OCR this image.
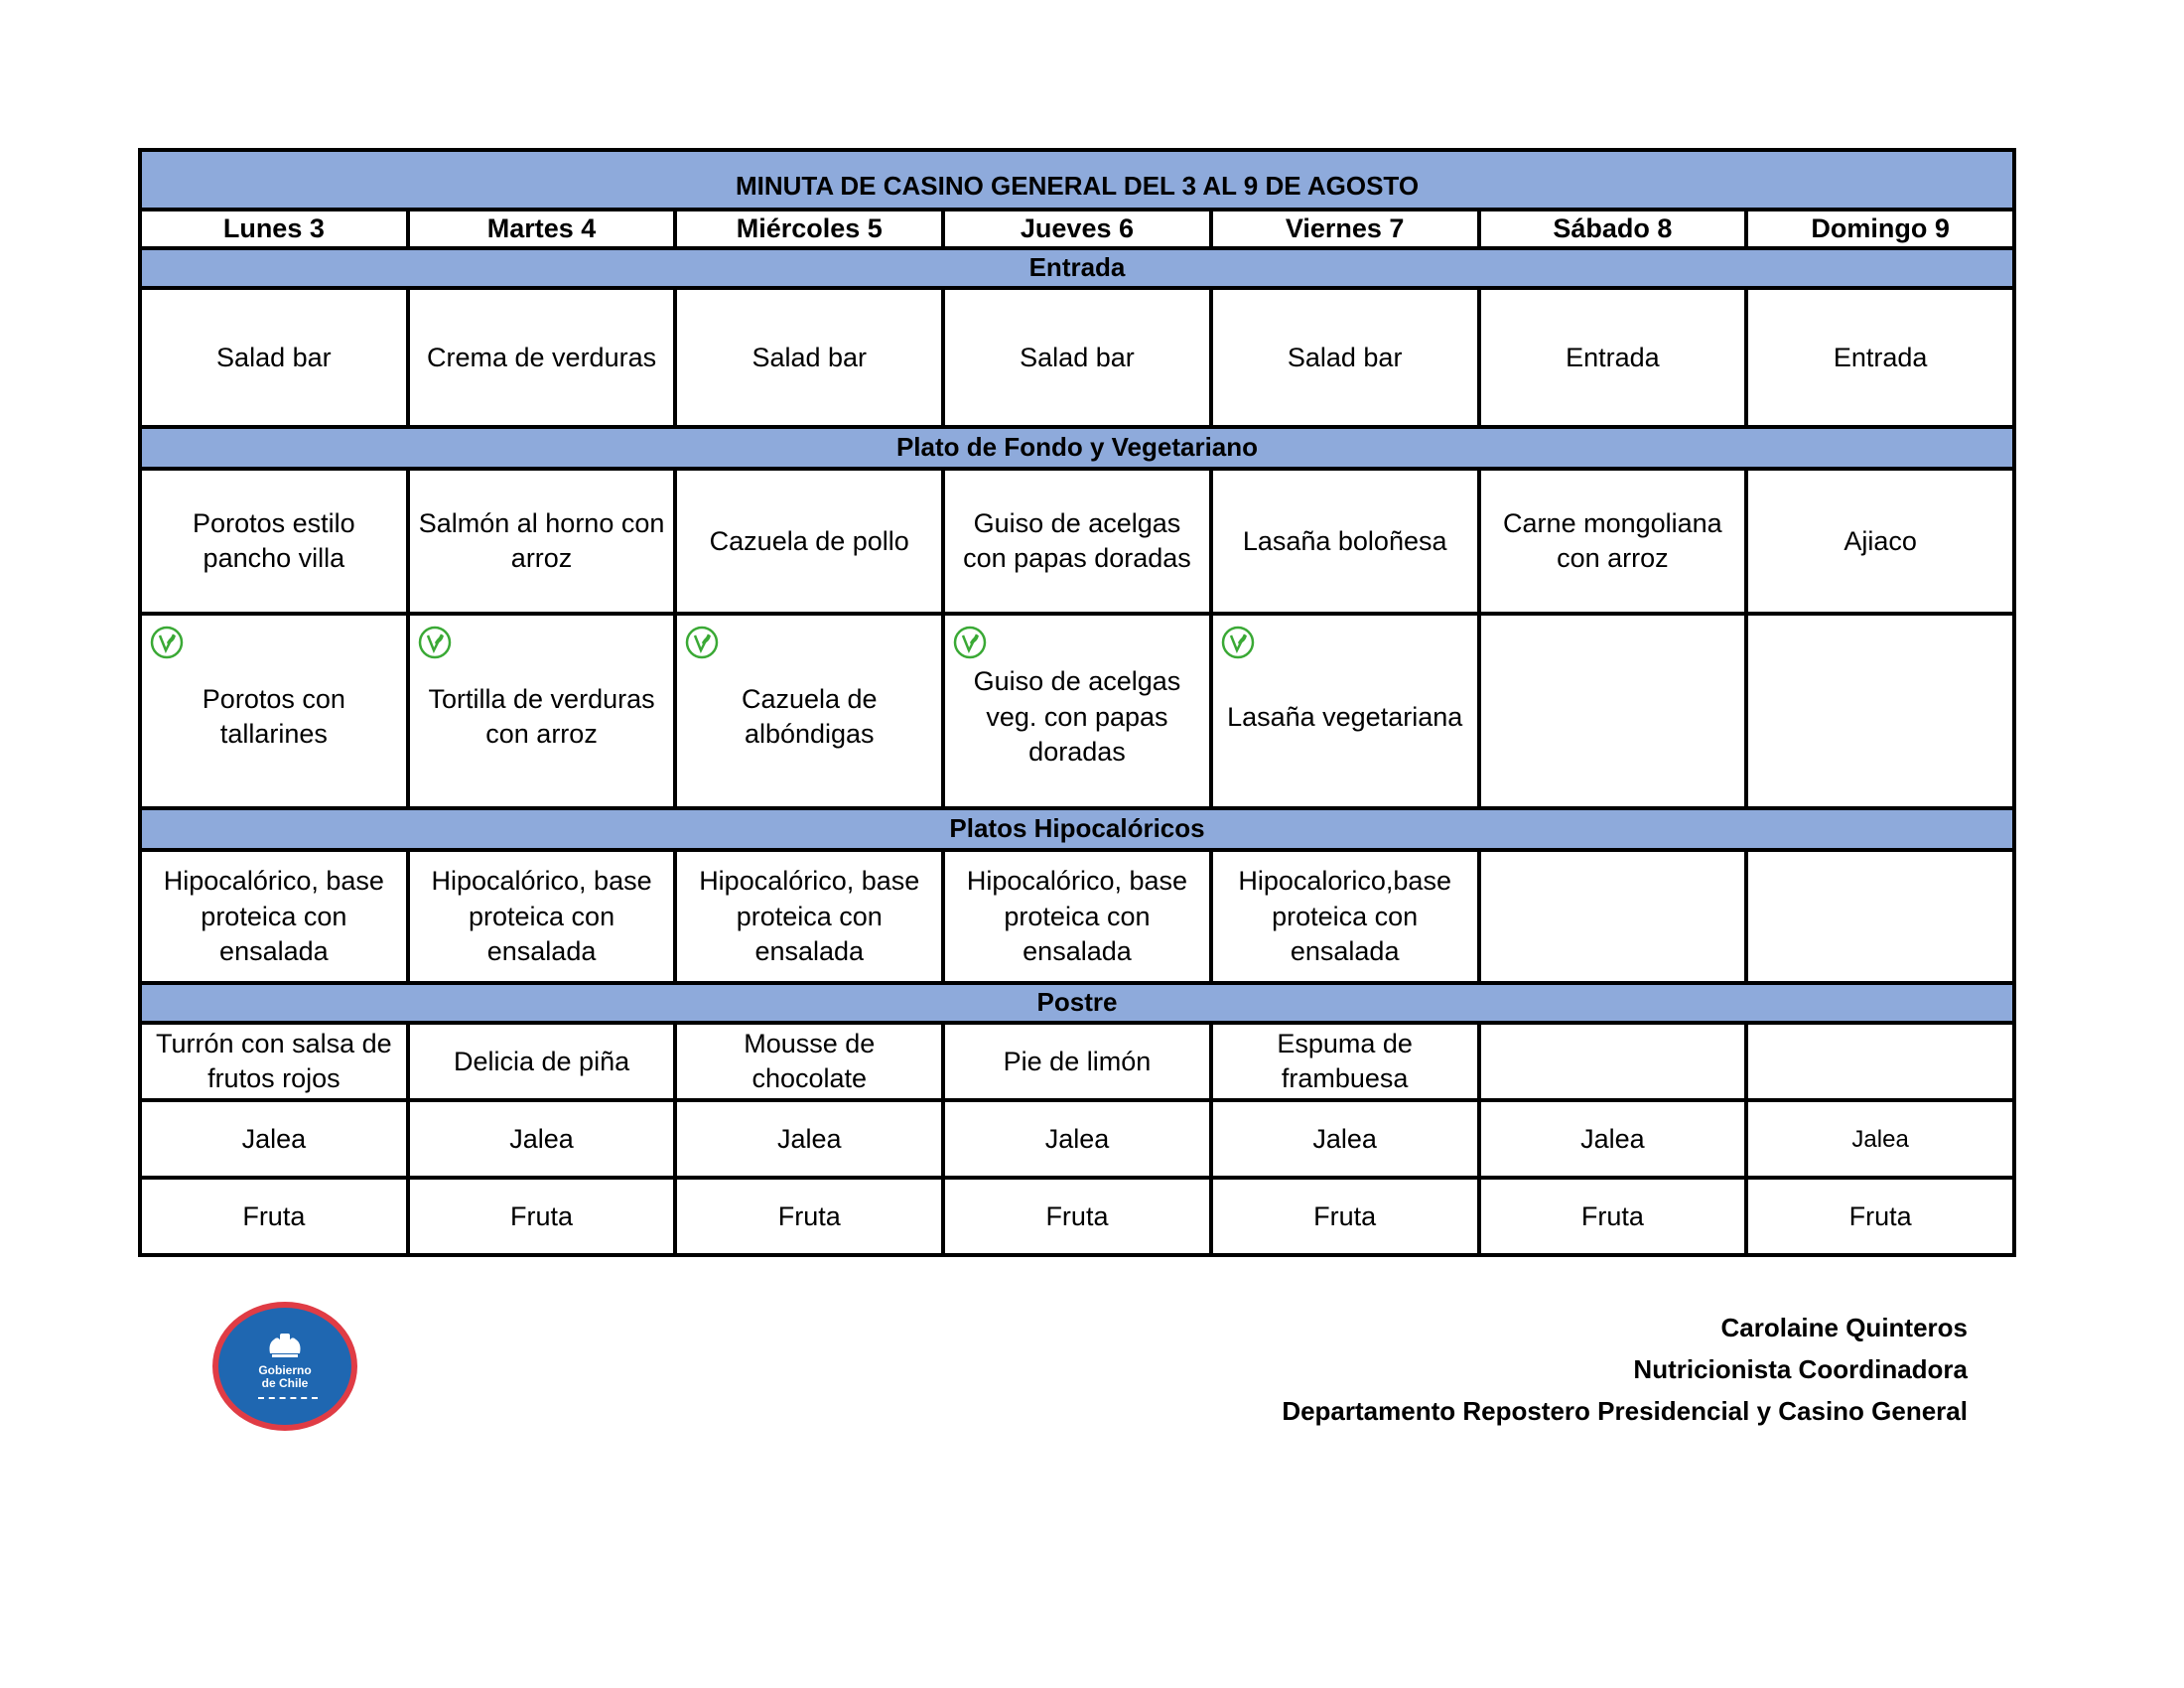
MINUTA DE CASINO GENERAL DEL 3 AL 9 DE AGOSTO						
Lunes 3	Martes 4	Miércoles 5	Jueves 6	Viernes 7	Sábado 8	Domingo 9
Entrada						
Salad bar	Crema de verduras	Salad bar	Salad bar	Salad bar	Entrada	Entrada
Plato de Fondo y Vegetariano						
Porotos estilo pancho villa	Salmón al horno con arroz	Cazuela de pollo	Guiso de acelgas con papas doradas	Lasaña boloñesa	Carne mongoliana con arroz	Ajiaco

Porotos con tallarines	Tortilla de verduras con arroz	Cazuela de albóndigas	Guiso de acelgas veg. con papas doradas	Lasaña vegetariana		

Platos Hipocalóricos						
Hipocalórico, base proteica con ensalada	Hipocalórico, base proteica con ensalada	Hipocalórico, base proteica con ensalada	Hipocalórico, base proteica con ensalada	Hipocalorico,base proteica con ensalada		
Postre						
Turrón con salsa de frutos rojos	Delicia de piña	Mousse de chocolate	Pie de limón	Espuma de frambuesa		
Jalea	Jalea	Jalea	Jalea	Jalea	Jalea	Jalea
Fruta	Fruta	Fruta	Fruta	Fruta	Fruta	Fruta
Gobierno
de Chile
Carolaine Quinteros
Nutricionista Coordinadora
Departamento Repostero Presidencial y Casino General
